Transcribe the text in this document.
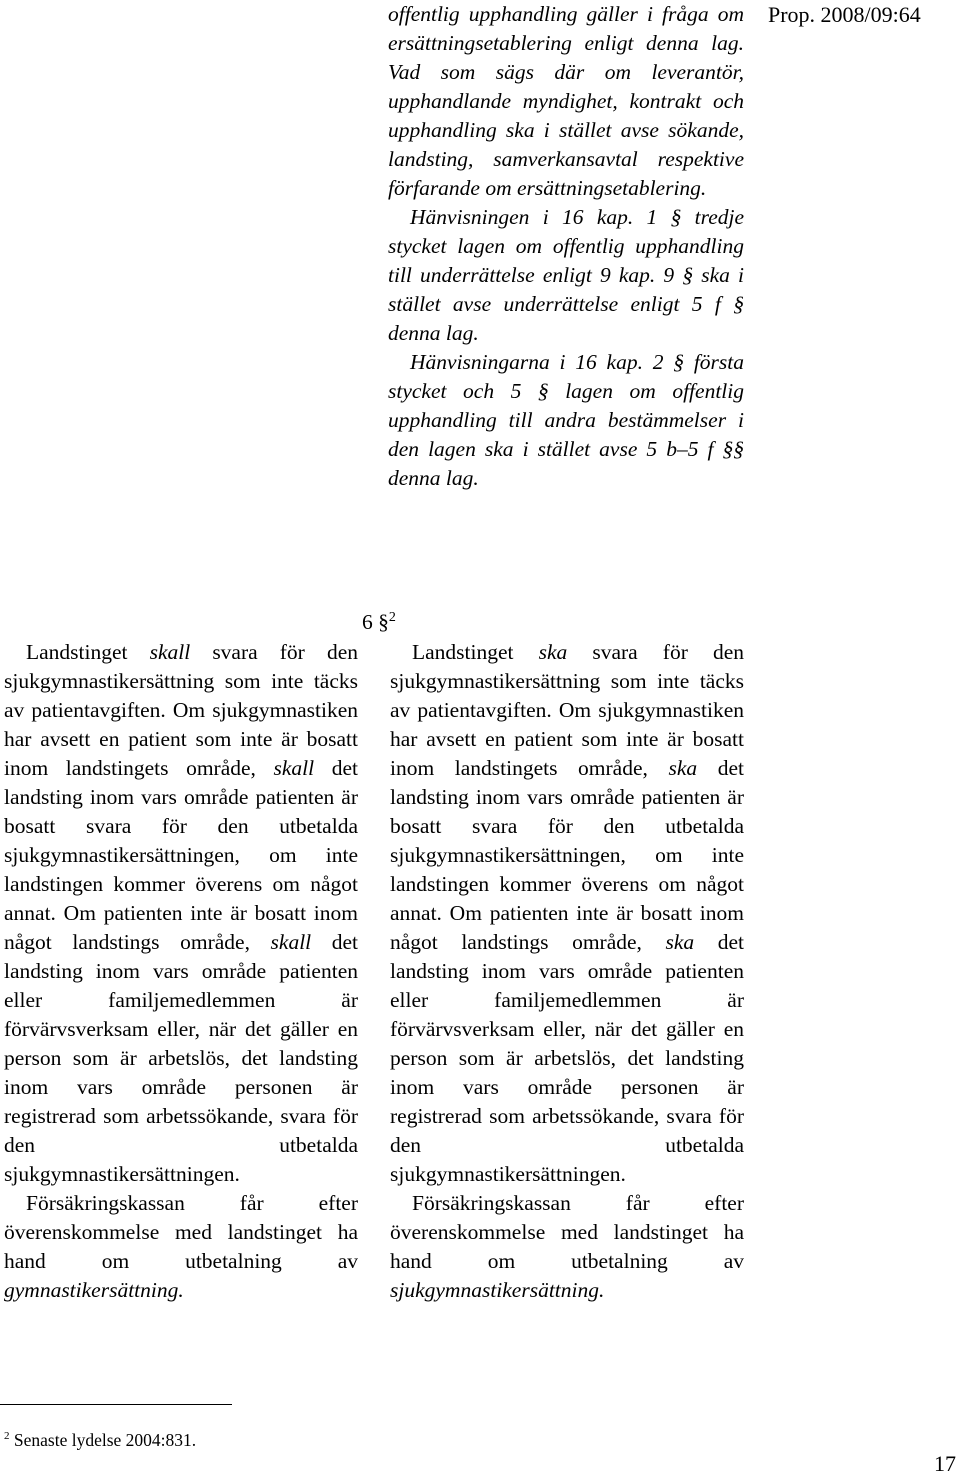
Prop. 2008/09:64

offentlig upphandling gäller i fråga om ersättningsetablering enligt denna lag. Vad som sägs där om leverantör, upphandlande myndighet, kontrakt och upphandling ska i stället avse sökande, landsting, samverkansavtal respektive förfarande om ersättningsetablering.

Hänvisningen i 16 kap. 1 § tredje stycket lagen om offentlig upphandling till underrättelse enligt 9 kap. 9 § ska i stället avse underrättelse enligt 5 f § denna lag.

Hänvisningarna i 16 kap. 2 § första stycket och 5 § lagen om offentlig upphandling till andra bestämmelser i den lagen ska i stället avse 5 b–5 f §§ denna lag.

6 §$^2$

Landstinget skall svara för den sjukgymnastikersättning som inte täcks av patientavgiften. Om sjukgymnastiken har avsett en patient som inte är bosatt inom landstingets område, skall det landsting inom vars område patienten är bosatt svara för den utbetalda sjukgymnastikersättningen, om inte landstingen kommer överens om något annat. Om patienten inte är bosatt inom något landstings område, skall det landsting inom vars område patienten eller familjemedlemmen är förvärvsverksam eller, när det gäller en person som är arbetslös, det landsting inom vars område personen är registrerad som arbetssökande, svara för den utbetalda sjukgymnastikersättningen.

Försäkringskassan får efter överenskommelse med landstinget ha hand om utbetalning av gymnastikersättning.

Landstinget ska svara för den sjukgymnastikersättning som inte täcks av patientavgiften. Om sjukgymnastiken har avsett en patient som inte är bosatt inom landstingets område, ska det landsting inom vars område patienten är bosatt svara för den utbetalda sjukgymnastikersättningen, om inte landstingen kommer överens om något annat. Om patienten inte är bosatt inom något landstings område, ska det landsting inom vars område patienten eller familjemedlemmen är förvärvsverksam eller, när det gäller en person som är arbetslös, det landsting inom vars område personen är registrerad som arbetssökande, svara för den utbetalda sjukgymnastikersättningen.

Försäkringskassan får efter överenskommelse med landstinget ha hand om utbetalning av sjukgymnastikersättning.

$^2$ Senaste lydelse 2004:831.
17
